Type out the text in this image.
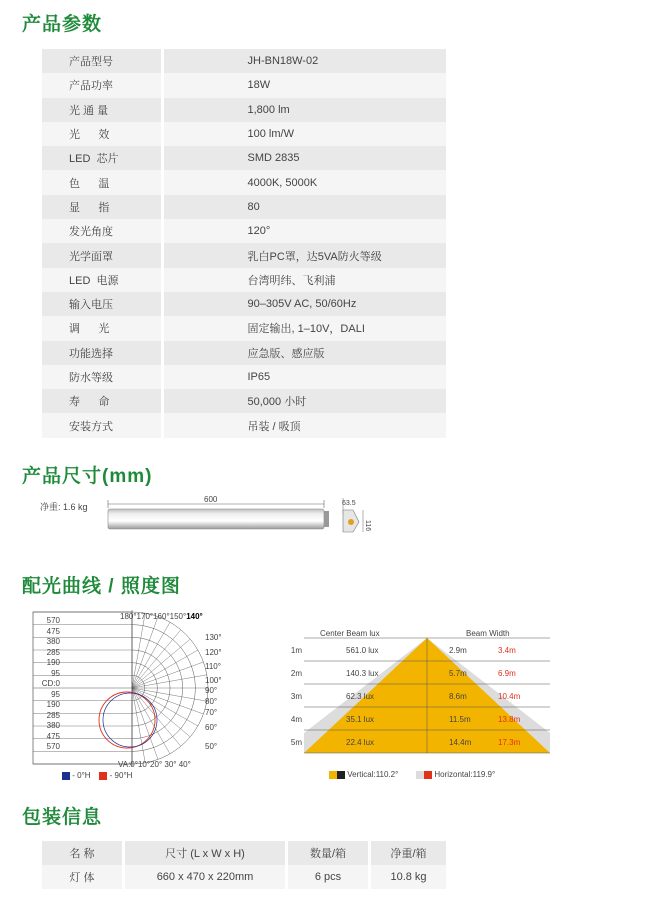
产品参数
产品尺寸(mm)
配光曲线 / 照度图
包装信息
产品型号	JH-BN18W-02
产品功率	18W
光 通 量	1,800 lm
光      效	100 lm/W
LED  芯片	SMD 2835
色      温	4000K, 5000K
显      指	80
发光角度	120°
光学面罩	乳白PC罩，达5VA防火等级
LED  电源	台湾明纬、飞利浦
输入电压	90–305V AC, 50/60Hz
调      光	固定输出, 1–10V，DALI
功能选择	应急版、感应版
防水等级	IP65
寿      命	50,000 小时
安装方式	吊装 / 吸顶
净重: 1.6 kg
600	63.5
116
180°170°160°150°140°
VA:0°10°20° 30° 40°
- 0°H - 90°H
570
475
380
285
190
95
CD:0
95
190
285
380
475
570
130°
120°
110°
100°
90°
80°
70°
60°
50°
Center Beam lux	Beam Width
1m	561.0 lux	2.9m	3.4m
2m	140.3 lux	5.7m	6.9m
3m	62.3 lux	8.6m	10.4m
4m	35.1 lux	11.5m	13.8m
5m	22.4 lux	14.4m	17.3m
Vertical:110.2°	Horizontal:119.9°
名 称	尺寸 (L x W x H)	数量/箱	净重/箱
灯 体	660 x 470 x 220mm	6 pcs	10.8 kg
